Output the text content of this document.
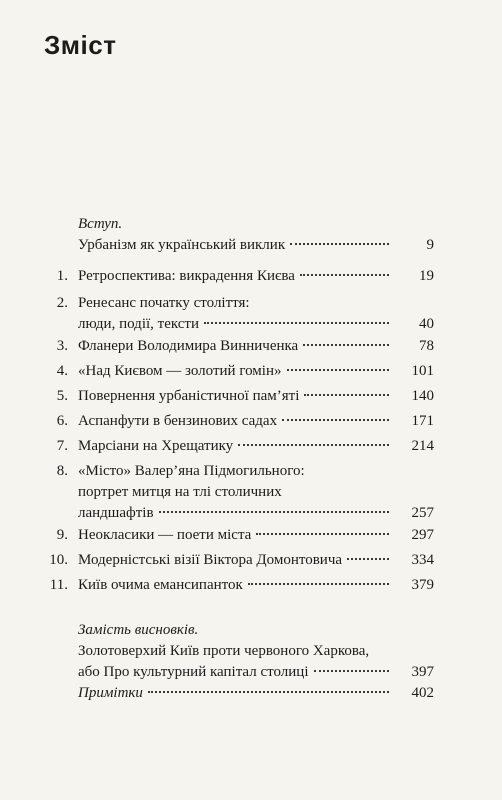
Зміст
Вступ.
Урбанізм як український виклик	9
1. Ретроспектива: викрадення Києва	19
2. Ренесанс початку століття:
люди, події, тексти	40
3. Фланери Володимира Винниченка	78
4. «Над Києвом — золотий гомін»	101
5. Повернення урбаністичної пам’яті	140
6. Аспанфути в бензинових садах	171
7. Марсіани на Хрещатику	214
8. «Місто» Валер’яна Підмогильного:
портрет митця на тлі столичних
ландшафтів	257
9. Неокласики — поети міста	297
10. Модерністські візії Віктора Домонтовича	334
11. Київ очима емансипанток	379
Замість висновків.
Золотоверхий Київ проти червоного Харкова,
або Про культурний капітал столиці	397
Примітки	402
